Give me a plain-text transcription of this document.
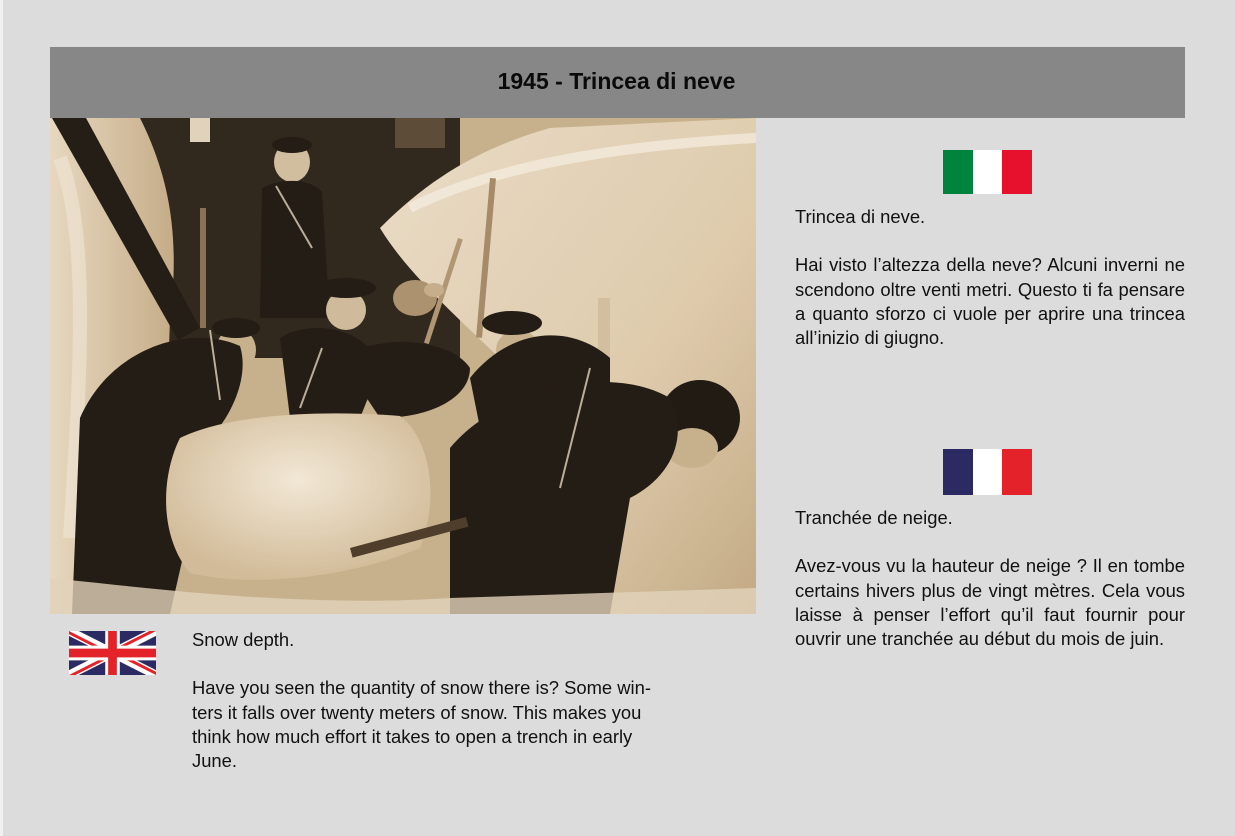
1945 - Trincea di neve

Trincea di neve.

Hai visto l’altezza della neve? Alcuni inverni ne scendono oltre venti metri. Questo ti fa pensare a quanto sforzo ci vuole per aprire una trincea all’inizio di giugno.

Tranchée de neige.

Avez-vous vu la hauteur de neige ? Il en tombe certains hivers plus de vingt mètres. Cela vous laisse à penser l’effort qu’il faut fournir pour ouvrir une tranchée au début du mois de juin.

Snow depth.

Have you seen the quantity of snow there is? Some win-
ters it falls over twenty meters of snow. This makes you
think how much effort it takes to open a trench in early
June.
